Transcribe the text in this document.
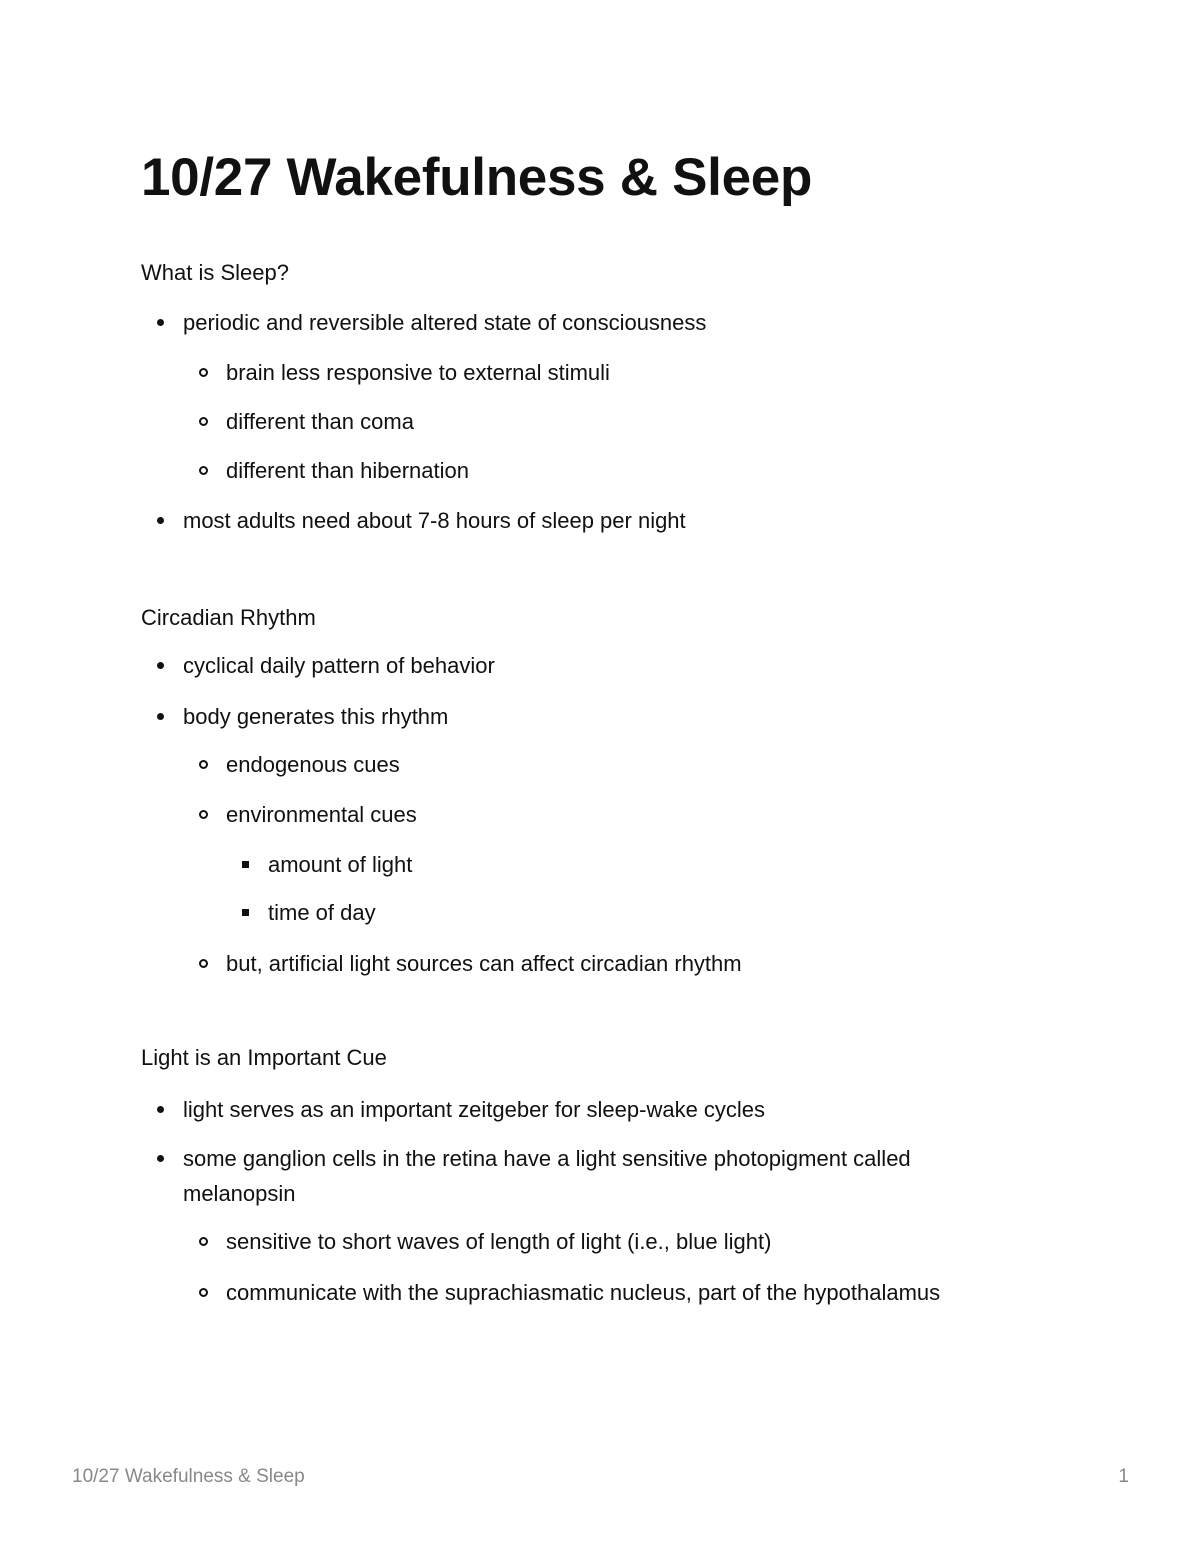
10/27 Wakefulness & Sleep
What is Sleep?
periodic and reversible altered state of consciousness
brain less responsive to external stimuli
different than coma
different than hibernation
most adults need about 7-8 hours of sleep per night
Circadian Rhythm
cyclical daily pattern of behavior
body generates this rhythm
endogenous cues
environmental cues
amount of light
time of day
but, artificial light sources can affect circadian rhythm
Light is an Important Cue
light serves as an important zeitgeber for sleep-wake cycles
some ganglion cells in the retina have a light sensitive photopigment called melanopsin
sensitive to short waves of length of light (i.e., blue light)
communicate with the suprachiasmatic nucleus, part of the hypothalamus
10/27 Wakefulness & Sleep	1
